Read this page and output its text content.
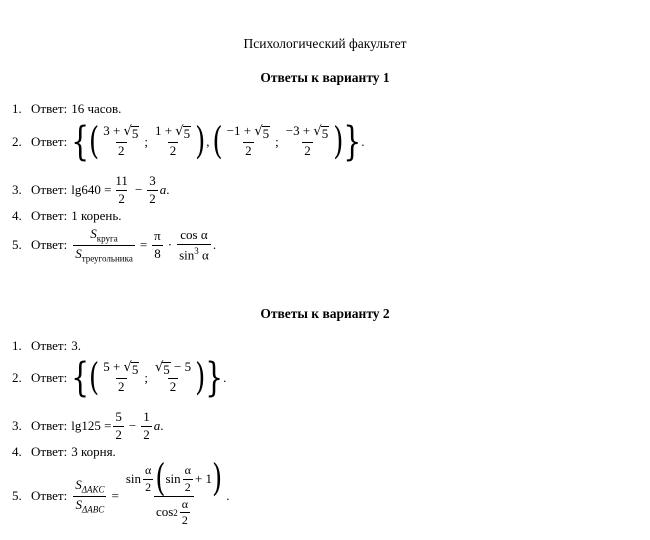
Психологический факультет
Ответы к варианту 1
1. Ответ: 16 часов.
2. Ответ: { ( $\frac{3 + √ 5}{2}$ ; $\frac{1 + √ 5}{2}$ ) , ( $\frac{-1 + √ 5}{2}$ ; $\frac{-3 + √ 5}{2}$ ) } .
3. Ответ: $\lg 640 = \frac{11}{2} - \frac{3}{2}$ a .
4. Ответ: 1 корень.
5. Ответ: $\frac{S_{круга}}{S_{треугольника}} = \frac{\pi}{8} \cdot \frac{\text{cos α}}{\sin^3 \alpha}$ .
Ответы к варианту 2
1. Ответ: 3.
2. Ответ: { ( $\frac{5 + √ 5}{2}$ ; $\frac{√ 5 - 5}{2}$ ) } .
3. Ответ: $\lg 125 = \frac{5}{2} - \frac{1}{2}$ a .
4. Ответ: 3 корня.
5. Ответ: $\frac{S_{\Delta AKC}}{S_{\Delta ABC}}$ =
$\sin \frac{\alpha}{2}$ ( $\sin \frac{\alpha}{2} + 1$ )
$\cos 2 \frac{\alpha}{2}$
.
